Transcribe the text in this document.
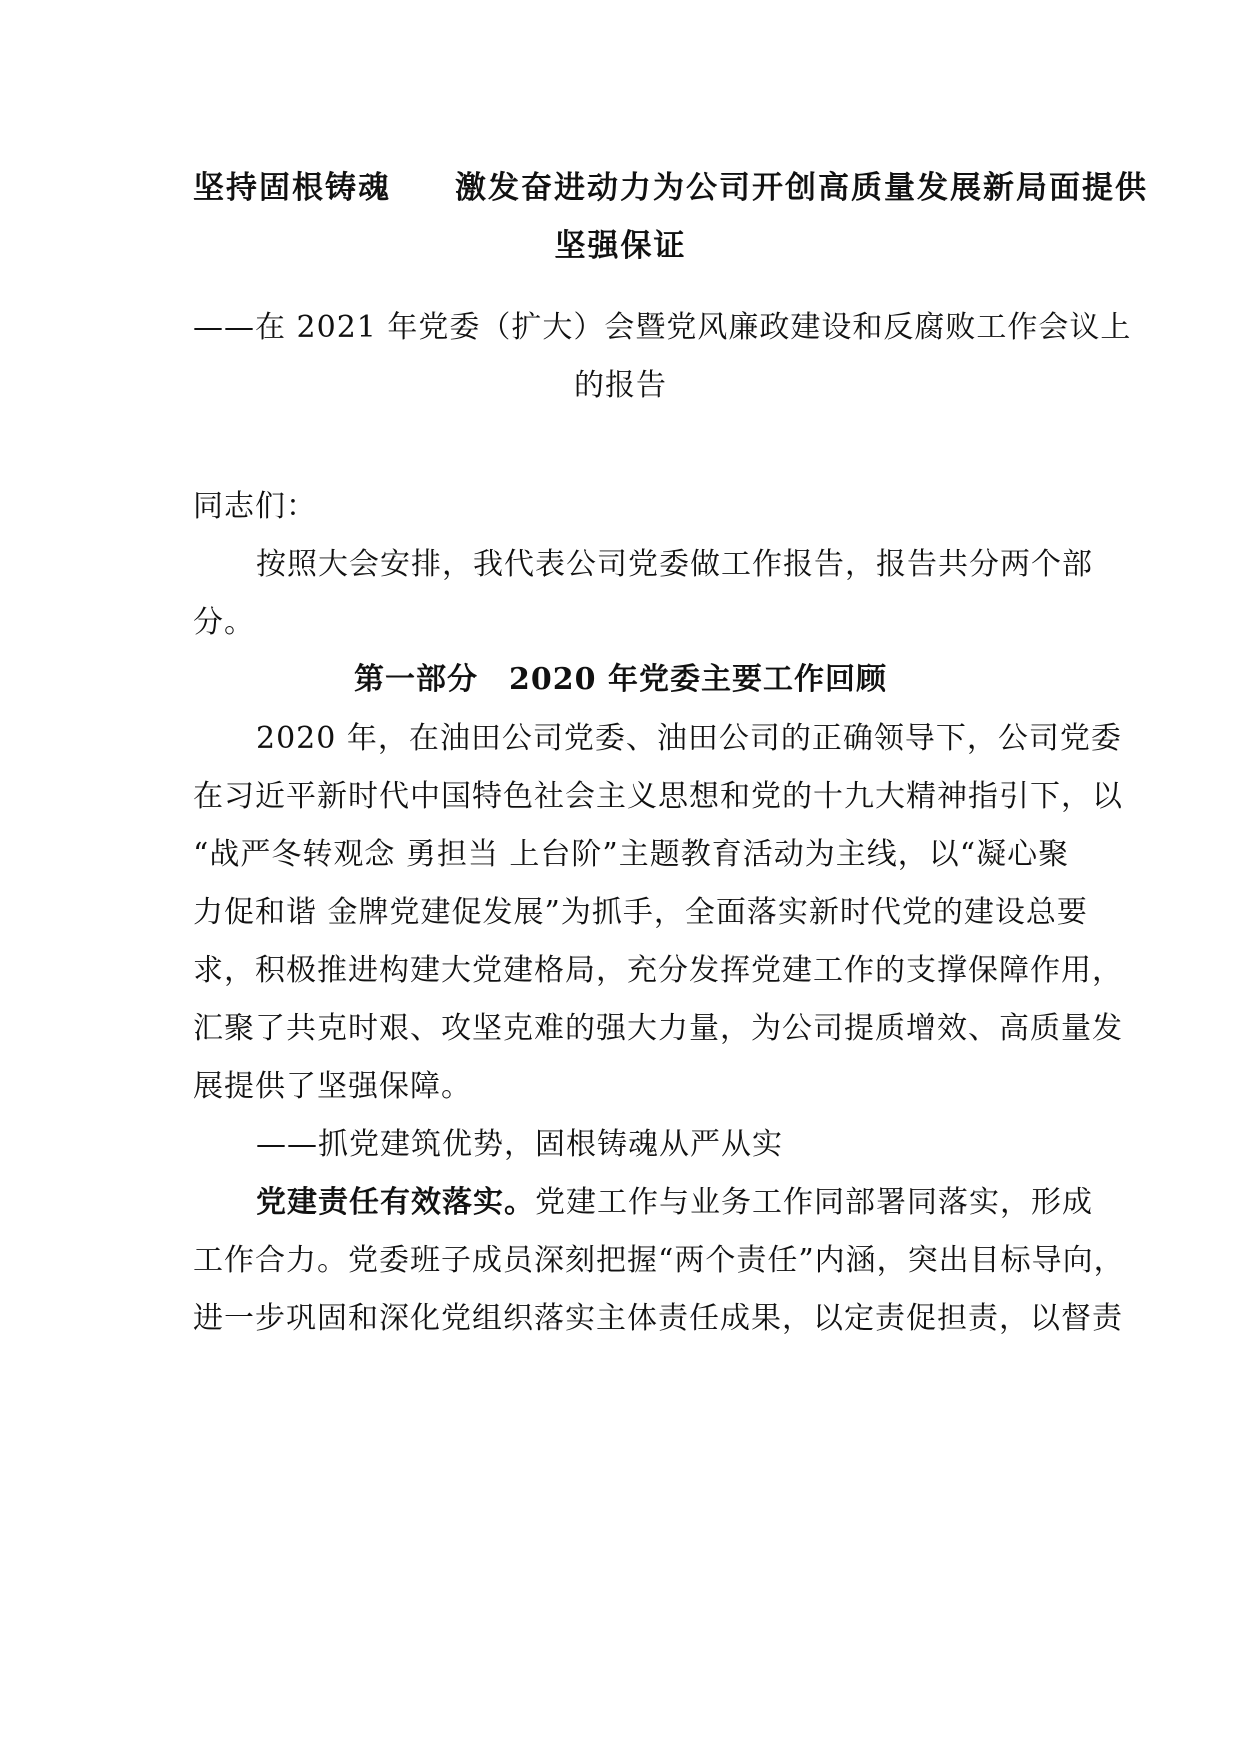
坚持固根铸魂 激发奋进动力为公司开创高质量发展新局面提供
坚强保证
——在 2021 年党委（扩大）会暨党风廉政建设和反腐败工作会议上
的报告
同志们：
按照大会安排，我代表公司党委做工作报告，报告共分两个部
分。
第一部分　2020 年党委主要工作回顾
2020 年，在油田公司党委、油田公司的正确领导下，公司党委
在习近平新时代中国特色社会主义思想和党的十九大精神指引下，以
“战严冬转观念 勇担当 上台阶”主题教育活动为主线，以“凝心聚
力促和谐 金牌党建促发展”为抓手，全面落实新时代党的建设总要
求，积极推进构建大党建格局，充分发挥党建工作的支撑保障作用，
汇聚了共克时艰、攻坚克难的强大力量，为公司提质增效、高质量发
展提供了坚强保障。
——抓党建筑优势，固根铸魂从严从实
党建责任有效落实。党建工作与业务工作同部署同落实，形成
工作合力。党委班子成员深刻把握“两个责任”内涵，突出目标导向，
进一步巩固和深化党组织落实主体责任成果，以定责促担责，以督责
